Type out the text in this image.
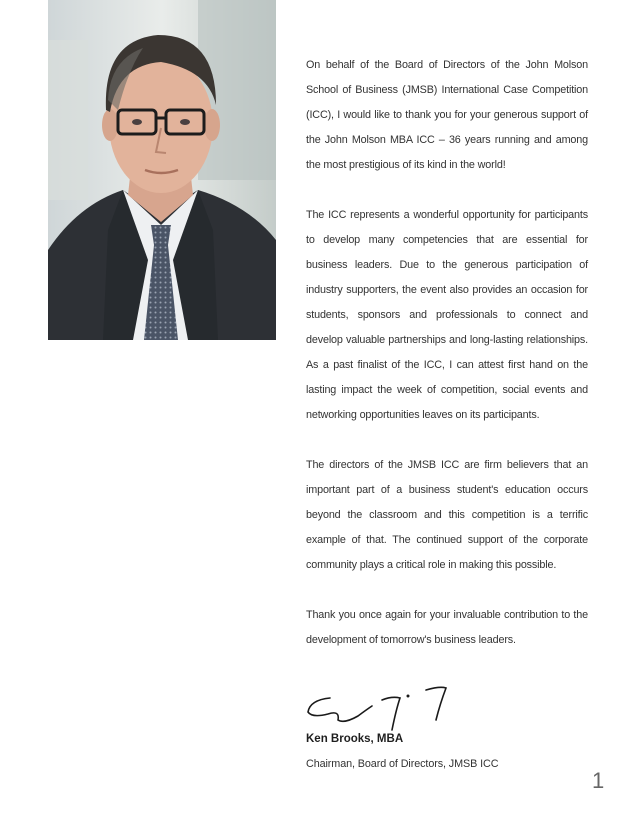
On behalf of the Board of Directors of the John Molson School of Business (JMSB) International Case Competition (ICC), I would like to thank you for your generous support of the John Molson MBA ICC – 36 years running and among the most prestigious of its kind in the world!

The ICC represents a wonderful opportunity for participants to develop many competencies that are essential for business leaders. Due to the generous participation of industry supporters, the event also provides an occasion for students, sponsors and professionals to connect and develop valuable partnerships and long-lasting relationships. As a past finalist of the ICC, I can attest first hand on the lasting impact the week of competition, social events and networking opportunities leaves on its participants.

The directors of the JMSB ICC are firm believers that an important part of a business student's education occurs beyond the classroom and this competition is a terrific example of that. The continued support of the corporate community plays a critical role in making this possible.

Thank you once again for your invaluable contribution to the development of tomorrow's business leaders.

Ken Brooks, MBA
Chairman, Board of Directors, JMSB ICC
1
